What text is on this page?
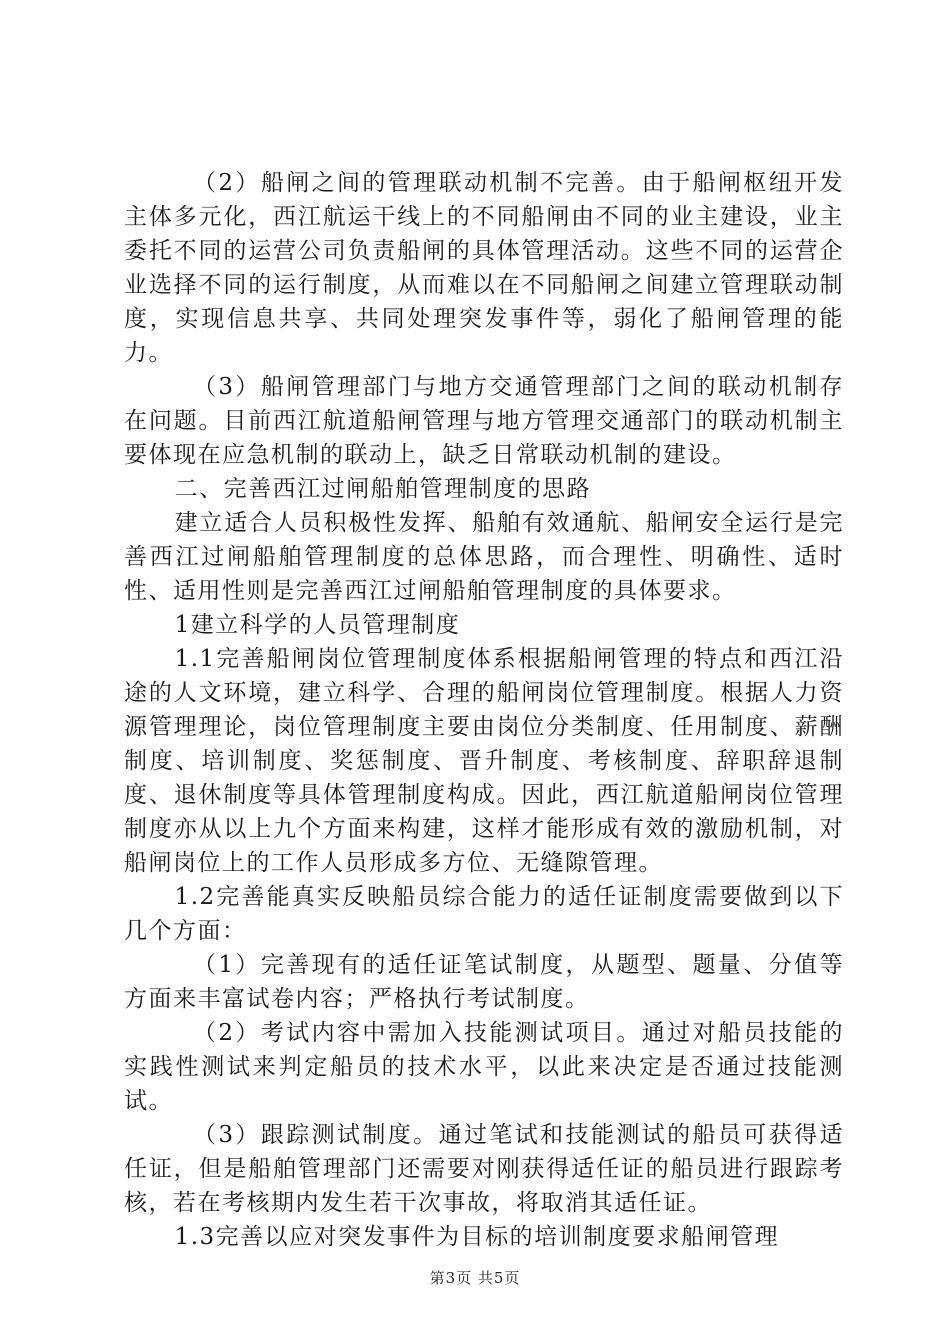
（2）船闸之间的管理联动机制不完善。由于船闸枢纽开发主体多元化，西江航运干线上的不同船闸由不同的业主建设，业主委托不同的运营公司负责船闸的具体管理活动。这些不同的运营企业选择不同的运行制度，从而难以在不同船闸之间建立管理联动制度，实现信息共享、共同处理突发事件等，弱化了船闸管理的能力。

（3）船闸管理部门与地方交通管理部门之间的联动机制存在问题。目前西江航道船闸管理与地方管理交通部门的联动机制主要体现在应急机制的联动上，缺乏日常联动机制的建设。

二、完善西江过闸船舶管理制度的思路

建立适合人员积极性发挥、船舶有效通航、船闸安全运行是完善西江过闸船舶管理制度的总体思路，而合理性、明确性、适时性、适用性则是完善西江过闸船舶管理制度的具体要求。

1建立科学的人员管理制度

1.1完善船闸岗位管理制度体系根据船闸管理的特点和西江沿途的人文环境，建立科学、合理的船闸岗位管理制度。根据人力资源管理理论，岗位管理制度主要由岗位分类制度、任用制度、薪酬制度、培训制度、奖惩制度、晋升制度、考核制度、辞职辞退制度、退休制度等具体管理制度构成。因此，西江航道船闸岗位管理制度亦从以上九个方面来构建，这样才能形成有效的激励机制，对船闸岗位上的工作人员形成多方位、无缝隙管理。

1.2完善能真实反映船员综合能力的适任证制度需要做到以下几个方面：

（1）完善现有的适任证笔试制度，从题型、题量、分值等方面来丰富试卷内容；严格执行考试制度。

（2）考试内容中需加入技能测试项目。通过对船员技能的实践性测试来判定船员的技术水平，以此来决定是否通过技能测试。

（3）跟踪测试制度。通过笔试和技能测试的船员可获得适任证，但是船舶管理部门还需要对刚获得适任证的船员进行跟踪考核，若在考核期内发生若干次事故，将取消其适任证。

1.3完善以应对突发事件为目标的培训制度要求船闸管理

第3页 共5页
